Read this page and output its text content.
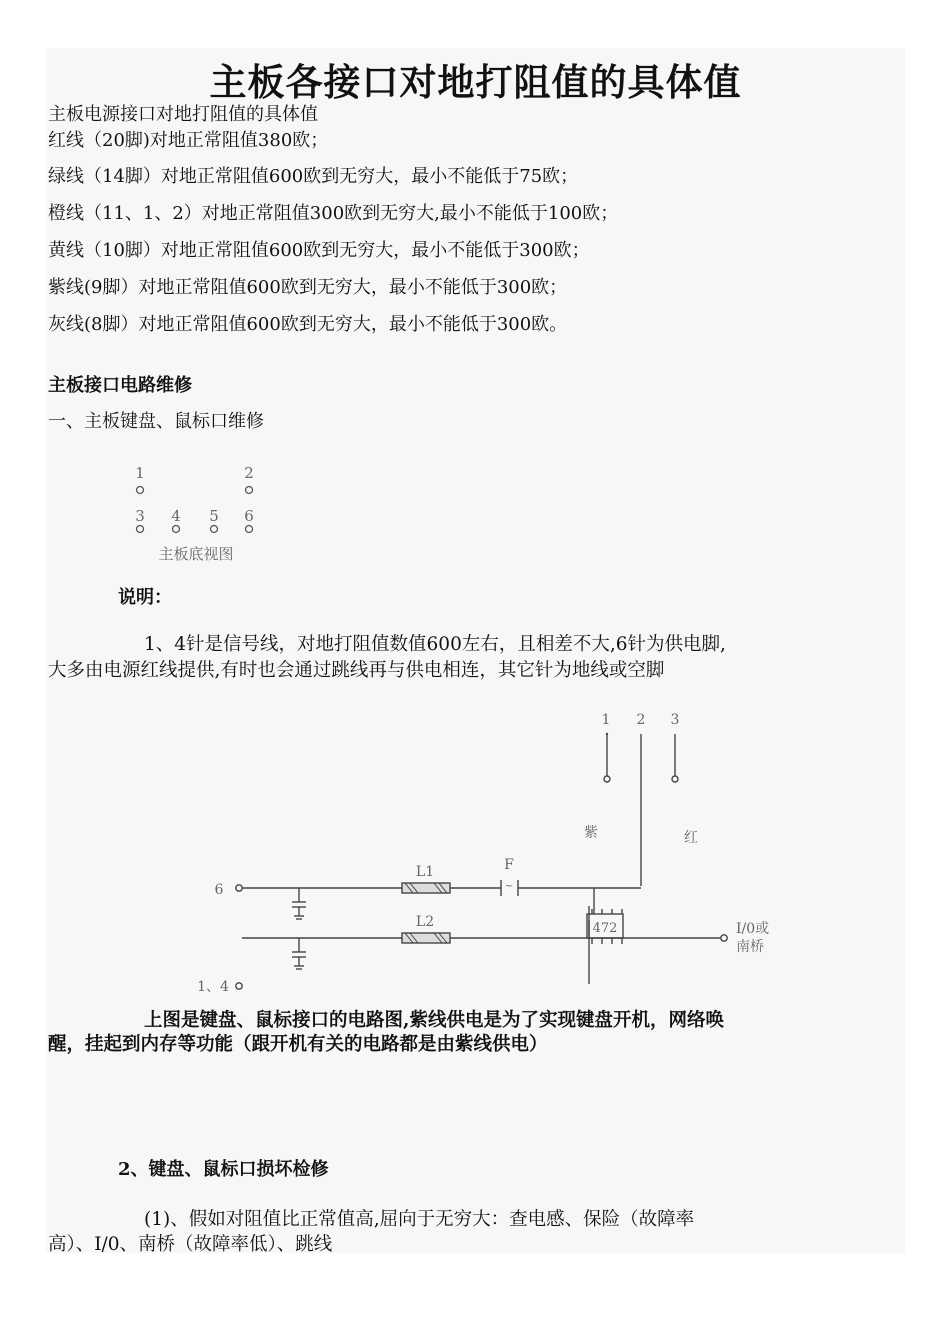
主板各接口对地打阻值的具体值
主板电源接口对地打阻值的具体值
红线（20脚)对地正常阻值380欧；
绿线（14脚）对地正常阻值600欧到无穷大，最小不能低于75欧；
橙线（11、1、2）对地正常阻值300欧到无穷大,最小不能低于100欧；
黄线（10脚）对地正常阻值600欧到无穷大，最小不能低于300欧；
紫线(9脚）对地正常阻值600欧到无穷大，最小不能低于300欧；
灰线(8脚）对地正常阻值600欧到无穷大，最小不能低于300欧。
主板接口电路维修
一、主板键盘、鼠标口维修
1	2
3 4 5 6
主板底视图
说明：
1、4针是信号线，对地打阻值数值600左右，且相差不大,6针为供电脚,
大多由电源红线提供,有时也会通过跳线再与供电相连，其它针为地线或空脚
1 2 3
紫	红
6
L1	F
~
472
1、4
L2	I/0或
南桥
上图是键盘、鼠标接口的电路图,紫线供电是为了实现键盘开机，网络唤
醒，挂起到内存等功能（跟开机有关的电路都是由紫线供电）
2、键盘、鼠标口损坏检修
(1)、假如对阻值比正常值高,屈向于无穷大：查电感、保险（故障率
高）、I/0、南桥（故障率低）、跳线
